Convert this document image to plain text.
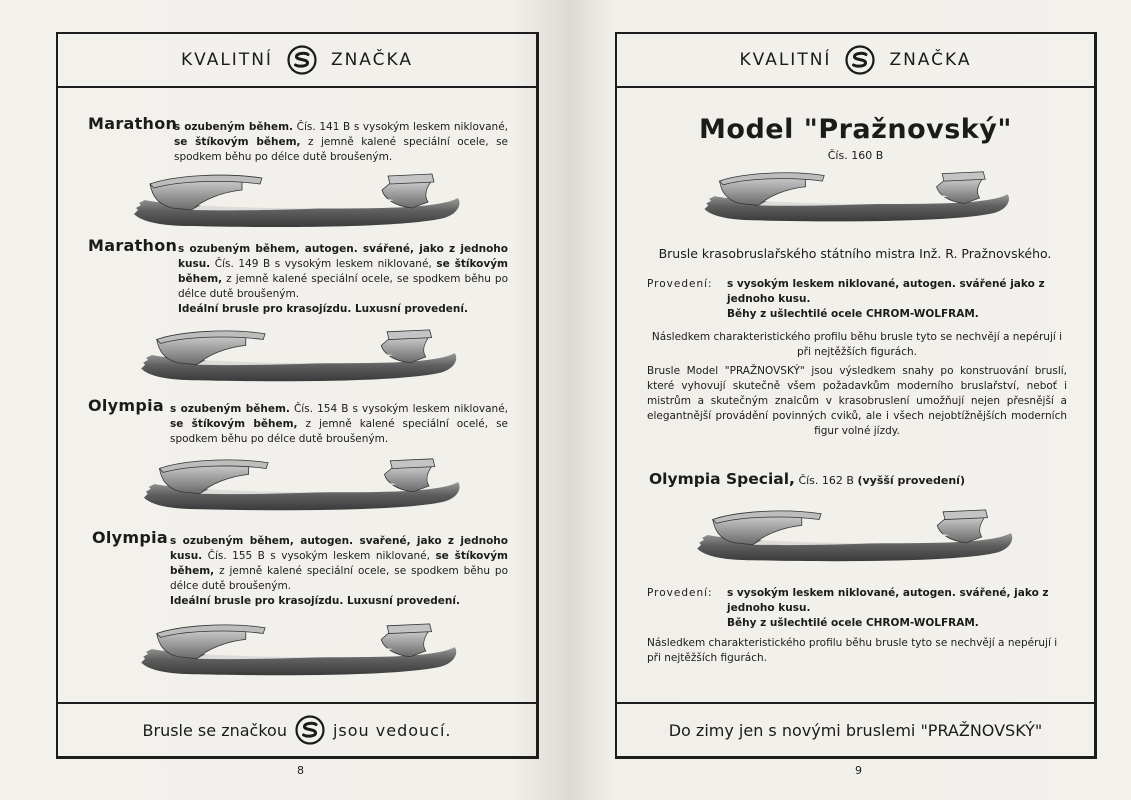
KVALITNÍ	ZNAČKA
Marathon
s ozubeným během. Čís. 141 B s vysokým leskem niklované, se štíkovým během, z jemně kalené speciální ocele, se spodkem běhu po délce dutě broušeným.
Marathon s ozubeným během, autogen. svářené, jako z jednoho kusu. Čís. 149 B s vysokým leskem niklované, se štíkovým během, z jemně kalené speciální ocele, se spodkem běhu po délce dutě broušeným.
Ideální brusle pro krasojízdu. Luxusní provedení.
Olympia s ozubeným během. Čís. 154 B s vysokým leskem niklované, se štíkovým během, z jemně kalené speciální ocelé, se spodkem běhu po délce dutě broušeným.
Olympia s ozubeným během, autogen. svařené, jako z jednoho kusu. Čís. 155 B s vysokým leskem niklované, se štíkovým během, z jemně kalené speciální ocele, se spodkem běhu po délce dutě broušeným.
Ideální brusle pro krasojízdu. Luxusní provedení.
Brusle se značkou	jsou vedoucí.
8
KVALITNÍ	ZNAČKA
Model "Pražnovský"
Čís. 160 B
Brusle krasobruslařského státního mistra Inž. R. Pražnovského.
Provedení: s vysokým leskem niklované, autogen. svářené jako z jednoho kusu.
Běhy z ušlechtilé ocele CHROM-WOLFRAM.
Následkem charakteristického profilu běhu brusle tyto se nechvějí a nepérují i při nejtěžších figurách.
Brusle Model "PRAŽNOVSKÝ" jsou výsledkem snahy po konstruování bruslí, které vyhovují skutečně všem požadavkům moderního bruslařství, neboť i mistrům a skutečným znalcům v krasobruslení umožňují nejen přesnější a elegantnější provádění povinných cviků, ale i všech nejobtížnějších moderních figur volné jízdy.
Olympia Special, Čís. 162 B (vyšší provedení)
Provedení: s vysokým leskem niklované, autogen. svářené, jako z jednoho kusu.
Běhy z ušlechtilé ocele CHROM-WOLFRAM.
Následkem charakteristického profilu běhu brusle tyto se nechvějí a nepérují i při nejtěžších figurách.
Do zimy jen s novými bruslemi "PRAŽNOVSKÝ"
9
